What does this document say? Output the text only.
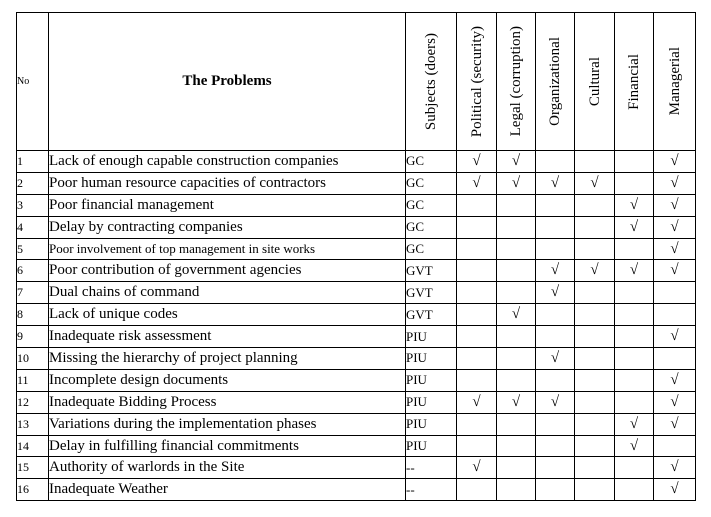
No	The Problems	Subjects (doers)	Political (security)	Legal (corruption)	Organizational	Cultural	Financial	Managerial

1	Lack of enough capable construction companies	GC	√	√				√
2	Poor human resource capacities of contractors	GC	√	√	√	√		√
3	Poor financial management	GC					√	√
4	Delay by contracting companies	GC					√	√
5	Poor involvement of top management in site works	GC						√
6	Poor contribution of government agencies	GVT			√	√	√	√
7	Dual chains of command	GVT			√			
8	Lack of unique codes	GVT		√				
9	Inadequate risk assessment	PIU						√
10	Missing the hierarchy of project planning	PIU			√			
11	Incomplete design documents	PIU						√
12	Inadequate Bidding Process	PIU	√	√	√			√
13	Variations during the implementation phases	PIU					√	√
14	Delay in fulfilling financial commitments	PIU					√	
15	Authority of warlords in the Site	--	√					√
16	Inadequate Weather	--						√
